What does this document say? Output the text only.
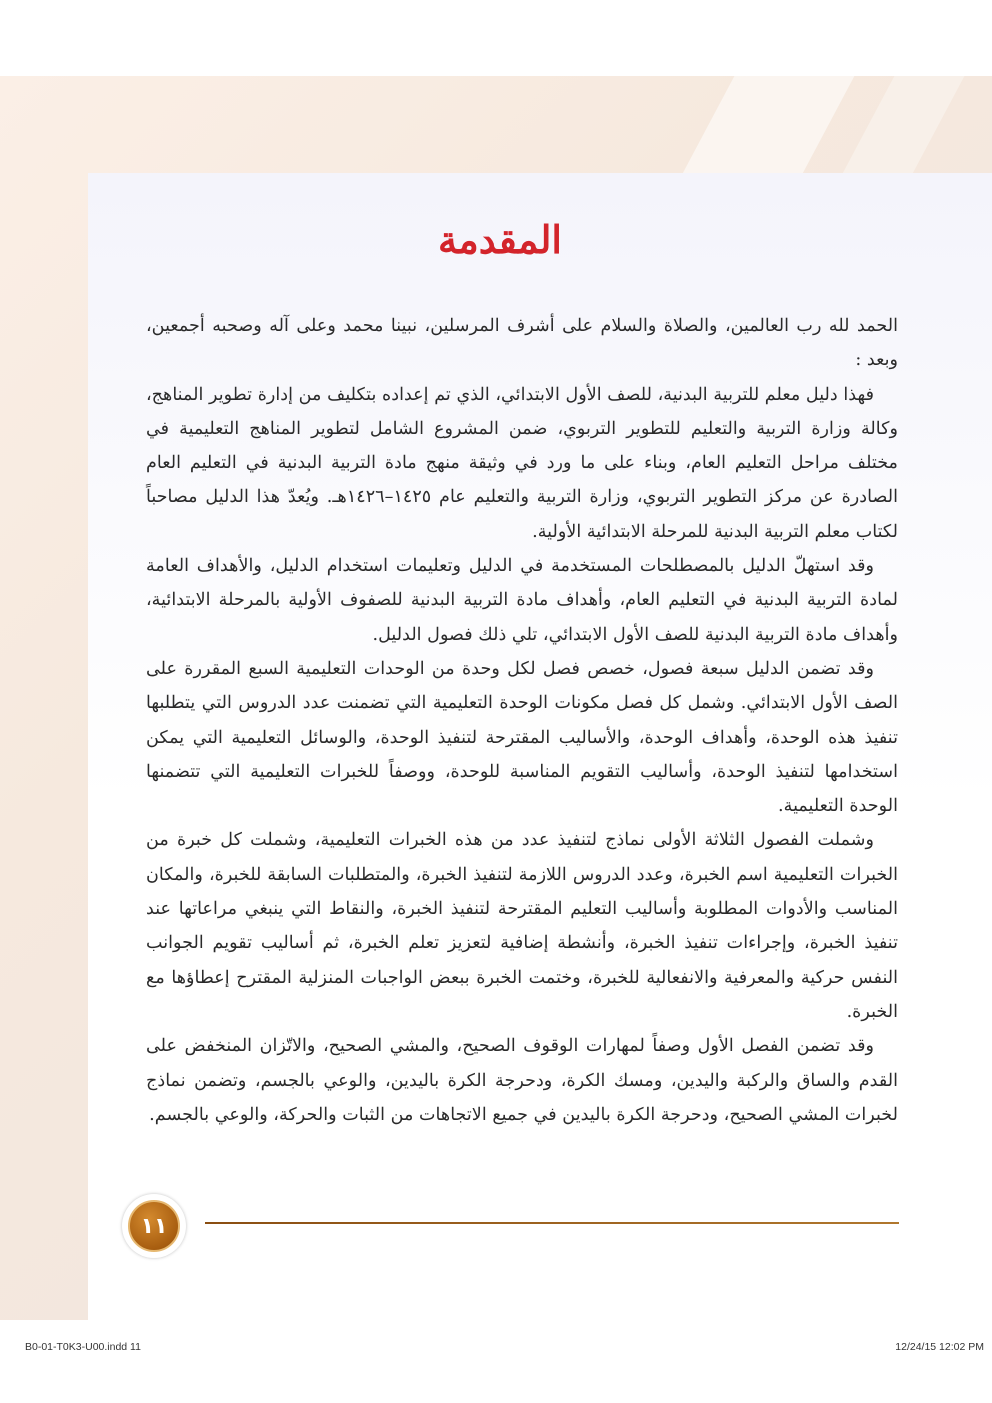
المقدمة

الحمد لله رب العالمين، والصلاة والسلام على أشرف المرسلين، نبينا محمد وعلى آله وصحبه أجمعين، وبعد :

فهذا دليل معلم للتربية البدنية، للصف الأول الابتدائي، الذي تم إعداده بتكليف من إدارة تطوير المناهج، وكالة وزارة التربية والتعليم للتطوير التربوي، ضمن المشروع الشامل لتطوير المناهج التعليمية في مختلف مراحل التعليم العام، وبناء على ما ورد في وثيقة منهج مادة التربية البدنية في التعليم العام الصادرة عن مركز التطوير التربوي، وزارة التربية والتعليم عام ١٤٢٥–١٤٢٦هـ. ويُعدّ هذا الدليل مصاحباً لكتاب معلم التربية البدنية للمرحلة الابتدائية الأولية.

وقد استهلّ الدليل بالمصطلحات المستخدمة في الدليل وتعليمات استخدام الدليل، والأهداف العامة لمادة التربية البدنية في التعليم العام، وأهداف مادة التربية البدنية للصفوف الأولية بالمرحلة الابتدائية، وأهداف مادة التربية البدنية للصف الأول الابتدائي، تلي ذلك فصول الدليل.

وقد تضمن الدليل سبعة فصول، خصص فصل لكل وحدة من الوحدات التعليمية السبع المقررة على الصف الأول الابتدائي. وشمل كل فصل مكونات الوحدة التعليمية التي تضمنت عدد الدروس التي يتطلبها تنفيذ هذه الوحدة، وأهداف الوحدة، والأساليب المقترحة لتنفيذ الوحدة، والوسائل التعليمية التي يمكن استخدامها لتنفيذ الوحدة، وأساليب التقويم المناسبة للوحدة، ووصفاً للخبرات التعليمية التي تتضمنها الوحدة التعليمية.

وشملت الفصول الثلاثة الأولى نماذج لتنفيذ عدد من هذه الخبرات التعليمية، وشملت كل خبرة من الخبرات التعليمية اسم الخبرة، وعدد الدروس اللازمة لتنفيذ الخبرة، والمتطلبات السابقة للخبرة، والمكان المناسب والأدوات المطلوبة وأساليب التعليم المقترحة لتنفيذ الخبرة، والنقاط التي ينبغي مراعاتها عند تنفيذ الخبرة، وإجراءات تنفيذ الخبرة، وأنشطة إضافية لتعزيز تعلم الخبرة، ثم أساليب تقويم الجوانب النفس حركية والمعرفية والانفعالية للخبرة، وختمت الخبرة ببعض الواجبات المنزلية المقترح إعطاؤها مع الخبرة.

وقد تضمن الفصل الأول وصفاً لمهارات الوقوف الصحيح، والمشي الصحيح، والاتّزان المنخفض على القدم والساق والركبة واليدين، ومسك الكرة، ودحرجة الكرة باليدين، والوعي بالجسم، وتضمن نماذج لخبرات المشي الصحيح، ودحرجة الكرة باليدين في جميع الاتجاهات من الثبات والحركة، والوعي بالجسم.

١١
B0-01-T0K3-U00.indd 11	12/24/15 12:02 PM
